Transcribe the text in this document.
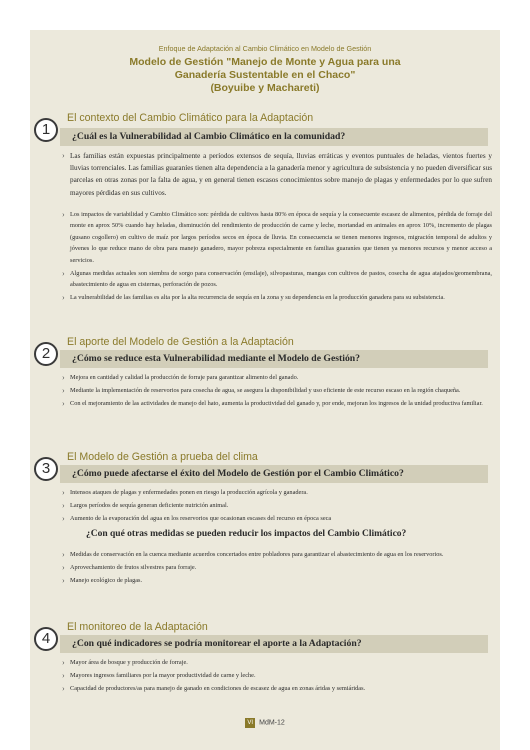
Enfoque de Adaptación al Cambio Climático en Modelo de Gestión
Modelo de Gestión "Manejo de Monte y Agua para una
Ganadería Sustentable en el Chaco"
(Boyuibe y Machareti)
1
El contexto del Cambio Climático para la Adaptación
¿Cuál es la Vulnerabilidad al Cambio Climático en la comunidad?
› Las familias están expuestas principalmente a períodos extensos de sequía, lluvias erráticas y eventos puntuales de heladas, vientos fuertes y lluvias torrenciales. Las familias guaraníes tienen alta dependencia a la ganadería menor y agricultura de subsistencia y no pueden diversificar sus parcelas en otras zonas por la falta de agua, y en general tienen escasos conocimientos sobre manejo de plagas y enfermedades por lo que sufren mayores pérdidas en sus cultivos.
› Los impactos de variabilidad y Cambio Climático son: pérdida de cultivos hasta 80% en época de sequía y la consecuente escasez de alimentos, pérdida de forraje del monte en aprox 50% cuando hay heladas, disminución del rendimiento de producción de carne y leche, mortandad en animales en aprox 10%, incremento de plagas (gusano cogollero) en cultivo de maíz por largos períodos secos en época de lluvia. En consecuencia se tienen menores ingresos, migración temporal de adultos y jóvenes lo que reduce mano de obra para manejo ganadero, mayor pobreza especialmente en familias guaraníes que tienen ya menores recursos y menor acceso a servicios.
› Algunas medidas actuales son siembra de sorgo para conservación (ensilaje), silvopasturas, mangas con cultivos de pastos, cosecha de agua atajados/geomembrana, abastecimiento de agua en cisternas, perforación de pozos.
› La vulnerabilidad de las familias es alta por la alta recurrencia de sequía en la zona y su dependencia en la producción ganadera para su subsistencia.
2
El aporte del Modelo de Gestión a la Adaptación
¿Cómo se reduce esta Vulnerabilidad mediante el Modelo de Gestión?
› Mejora en cantidad y calidad la producción de forraje para garantizar alimento del ganado.
› Mediante la implementación de reservorios para cosecha de agua, se asegura la disponibilidad y uso eficiente de este recurso escaso en la región chaqueña.
› Con el mejoramiento de las actividades de manejo del hato, aumenta la productividad del ganado y, por ende, mejoran los ingresos de la unidad productiva familiar.
3
El Modelo de Gestión a prueba del clima
¿Cómo puede afectarse el éxito del Modelo de Gestión por el Cambio Climático?
› Intensos ataques de plagas y enfermedades ponen en riesgo la producción agrícola y ganadera.
› Largos períodos de sequía generan deficiente nutrición animal.
› Aumento de la evaporación del agua en los reservorios que ocasionan escases del recurso en época seca
¿Con qué otras medidas se pueden reducir los impactos del Cambio Climático?
› Medidas de conservación en la cuenca mediante acuerdos concertados entre pobladores para garantizar el abastecimiento de agua en los reservorios.
› Aprovechamiento de frutos silvestres para forraje.
› Manejo ecológico de plagas.
4
El monitoreo de la Adaptación
¿Con qué indicadores se podría monitorear el aporte a la Adaptación?
› Mayor área de bosque y producción de forraje.
› Mayores ingresos familiares por la mayor productividad de carne y leche.
› Capacidad de productores/as para manejo de ganado en condiciones de escasez de agua en zonas áridas y semiáridas.
VI MdM-12
